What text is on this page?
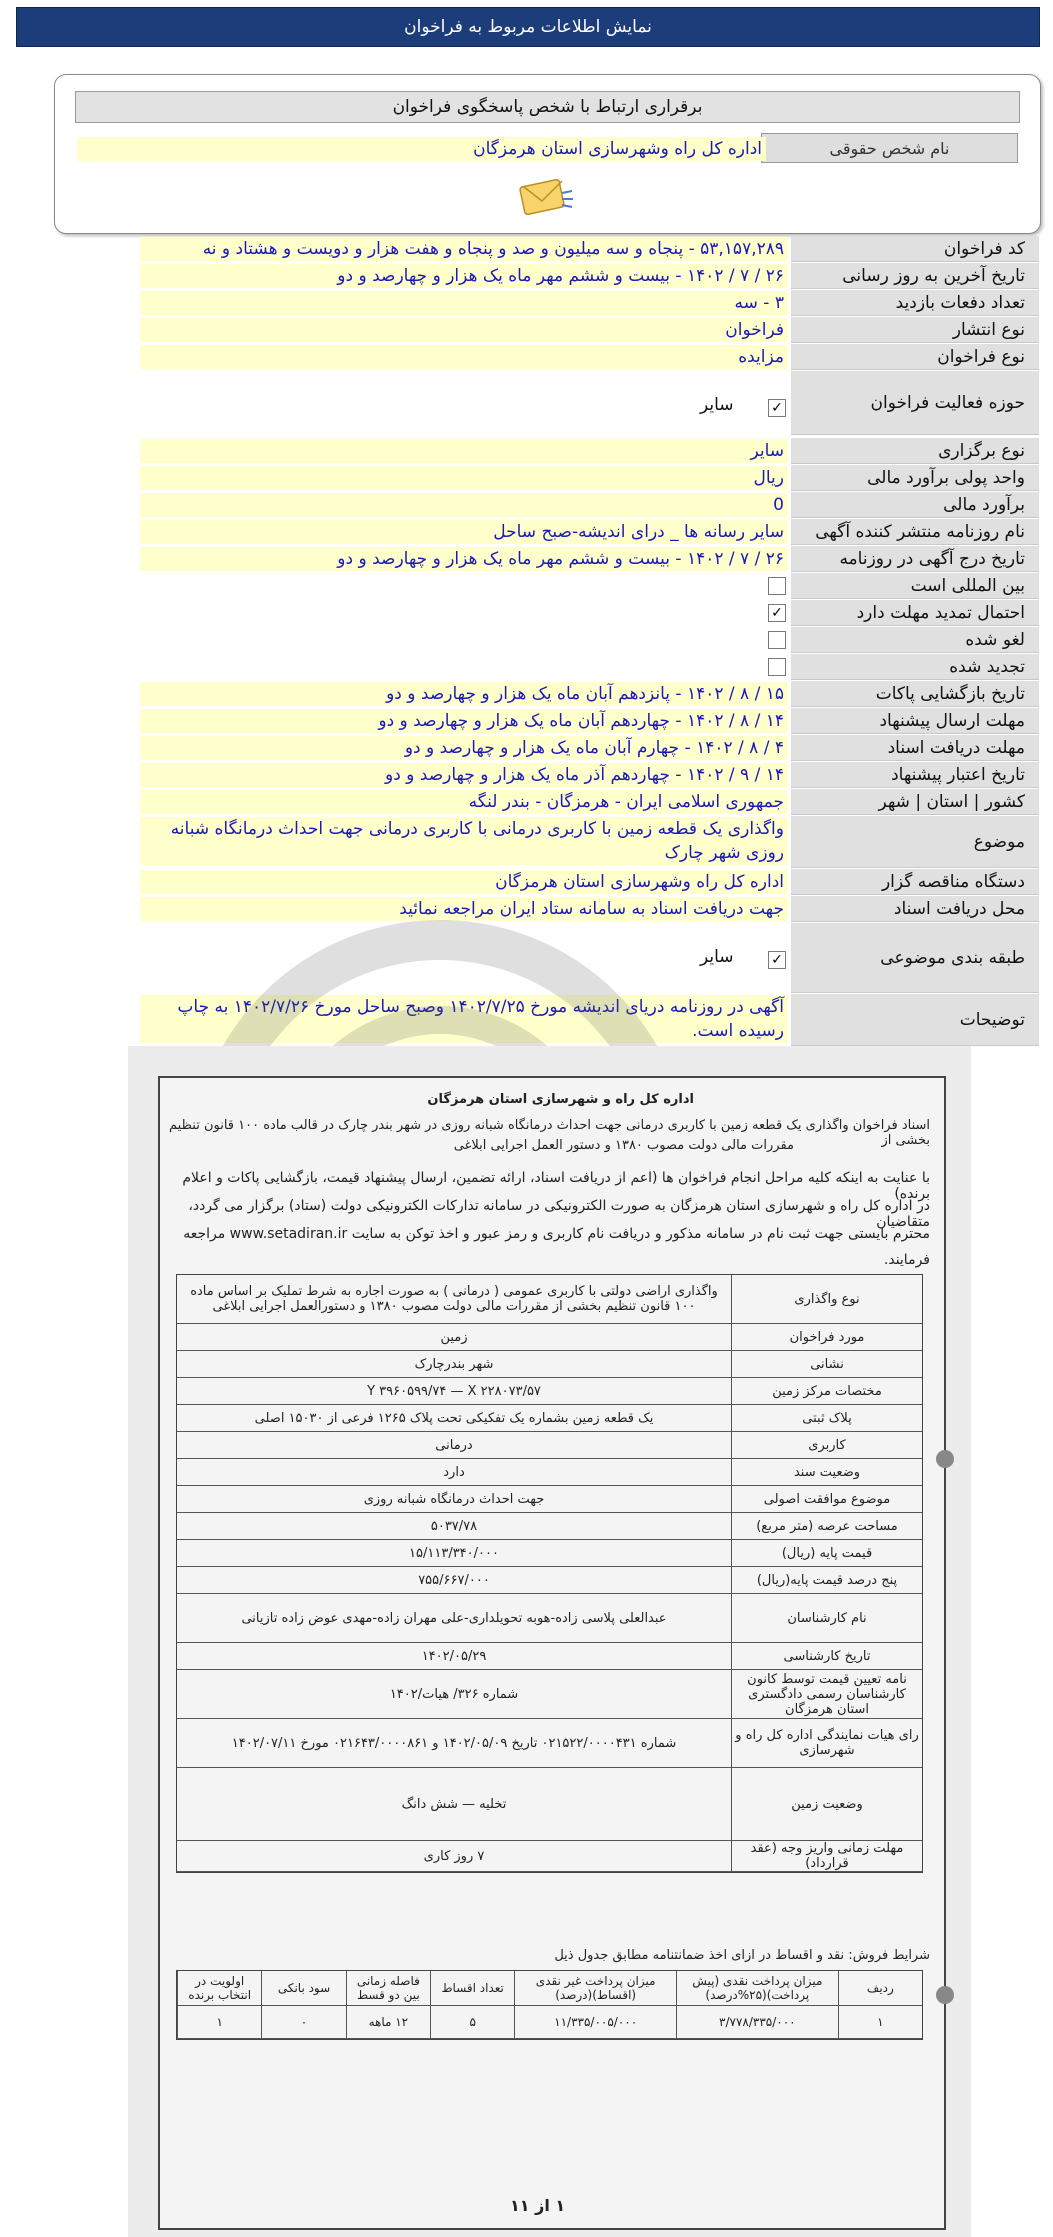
نمایش اطلاعات مربوط به فراخوان
برقراری ارتباط با شخص پاسخگوی فراخوان
نام شخص حقوقی
اداره کل راه وشهرسازی استان هرمزگان
کد فراخوان
۵۳,۱۵۷,۲۸۹ - پنجاه و سه میلیون و صد و پنجاه و هفت هزار و دویست و هشتاد و نه
تاریخ آخرین به روز رسانی
۲۶ / ۷ / ۱۴۰۲ - بیست و ششم مهر ماه یک هزار و چهارصد و دو
تعداد دفعات بازدید
۳ - سه
نوع انتشار
فراخوان
نوع فراخوان
مزایده
حوزه فعالیت فراخوان
✓
سایر
نوع برگزاری
سایر
واحد پولی برآورد مالی
ریال
برآورد مالی
0
نام روزنامه منتشر کننده آگهی
سایر رسانه ها _ درای اندیشه-صبح ساحل
تاریخ درج آگهی در روزنامه
۲۶ / ۷ / ۱۴۰۲ - بیست و ششم مهر ماه یک هزار و چهارصد و دو
بین المللی است
احتمال تمدید مهلت دارد
✓
لغو شده
تجدید شده
تاریخ بازگشایی پاکات
۱۵ / ۸ / ۱۴۰۲ - پانزدهم آبان ماه یک هزار و چهارصد و دو
مهلت ارسال پیشنهاد
۱۴ / ۸ / ۱۴۰۲ - چهاردهم آبان ماه یک هزار و چهارصد و دو
مهلت دریافت اسناد
۴ / ۸ / ۱۴۰۲ - چهارم آبان ماه یک هزار و چهارصد و دو
تاریخ اعتبار پیشنهاد
۱۴ / ۹ / ۱۴۰۲ - چهاردهم آذر ماه یک هزار و چهارصد و دو
کشور | استان | شهر
جمهوری اسلامی ایران - هرمزگان - بندر لنگه
موضوع
واگذاری یک قطعه زمین با کاربری درمانی با کاربری درمانی جهت احداث درمانگاه شبانه روزی شهر چارک
دستگاه مناقصه گزار
اداره کل راه وشهرسازی استان هرمزگان
محل دریافت اسناد
جهت دریافت اسناد به سامانه ستاد ایران مراجعه نمائید
طبقه بندی موضوعی
✓
سایر
توضیحات
آگهی در روزنامه دریای اندیشه مورخ ۱۴۰۲/۷/۲۵ وصبح ساحل مورخ ۱۴۰۲/۷/۲۶ به چاپ رسیده است.
اداره کل راه و شهرسازی استان هرمزگان
اسناد فراخوان واگذاری یک قطعه زمین با کاربری درمانی جهت احداث درمانگاه شبانه روزی در شهر بندر چارک در قالب ماده ۱۰۰ قانون تنظیم بخشی از
مقررات مالی دولت مصوب ۱۳۸۰ و دستور العمل اجرایی ابلاغی
با عنایت به اینکه کلیه مراحل انجام فراخوان ها (اعم از دریافت اسناد، ارائه تضمین، ارسال پیشنهاد قیمت، بازگشایی پاکات و اعلام برنده)
در اداره کل راه و شهرسازی استان هرمزگان به صورت الکترونیکی در سامانه تدارکات الکترونیکی دولت (ستاد) برگزار می گردد، متقاضیان
محترم بایستی جهت ثبت نام در سامانه مذکور و دریافت نام کاربری و رمز عبور و اخذ توکن به سایت www.setadiran.ir مراجعه
فرمایند.
نوع واگذاری
واگذاری اراضی دولتی با کاربری عمومی ( درمانی ) به صورت اجاره به شرط تملیک بر اساس ماده ۱۰۰ قانون تنظیم بخشی از مقررات مالی دولت مصوب ۱۳۸۰ و دستورالعمل اجرایی ابلاغی
مورد فراخوان
زمین
نشانی
شهر بندرچارک
مختصات مرکز زمین
Y ۳۹۶۰۵۹۹/۷۴ — X ۲۲۸۰۷۳/۵۷
پلاک ثبتی
یک قطعه زمین بشماره یک تفکیکی تحت پلاک ۱۲۶۵ فرعی از ۱۵۰۳۰ اصلی
کاربری
درمانی
وضعیت سند
دارد
موضوع موافقت اصولی
جهت احداث درمانگاه شبانه روزی
مساحت عرصه (متر مربع)
۵۰۳۷/۷۸
قیمت پایه (ریال)
۱۵/۱۱۳/۳۴۰/۰۰۰
پنج درصد قیمت پایه(ریال)
۷۵۵/۶۶۷/۰۰۰
نام کارشناسان
عبدالعلی پلاسی زاده-هوبه تحویلداری-علی مهران زاده-مهدی عوض زاده تازیانی
تاریخ کارشناسی
۱۴۰۲/۰۵/۲۹
نامه تعیین قیمت توسط کانون کارشناسان رسمی دادگستری استان هرمزگان
شماره ۳۲۶/ هیات/۱۴۰۲
رای هیات نمایندگی اداره کل راه و شهرسازی
شماره ۰۲۱۵۲۲/۰۰۰۰۴۳۱ تاریخ ۱۴۰۲/۰۵/۰۹ و ۰۲۱۶۴۳/۰۰۰۰۸۶۱ مورخ ۱۴۰۲/۰۷/۱۱
وضعیت زمین
تخلیه — شش دانگ
مهلت زمانی واریز وجه (عقد قرارداد)
۷ روز کاری
شرایط فروش: نقد و اقساط در ازای اخذ ضمانتنامه مطابق جدول ذیل
ردیف
میزان پرداخت نقدی (پیش پرداخت)(۲۵%درصد)
میزان پرداخت غیر نقدی (اقساط)(درصد)
تعداد اقساط
فاصله زمانی بین دو قسط
سود بانکی
اولویت در انتخاب برنده
۱
۳/۷۷۸/۳۳۵/۰۰۰
۱۱/۳۳۵/۰۰۵/۰۰۰
۵
۱۲ ماهه
۰
۱
۱ از ۱۱
